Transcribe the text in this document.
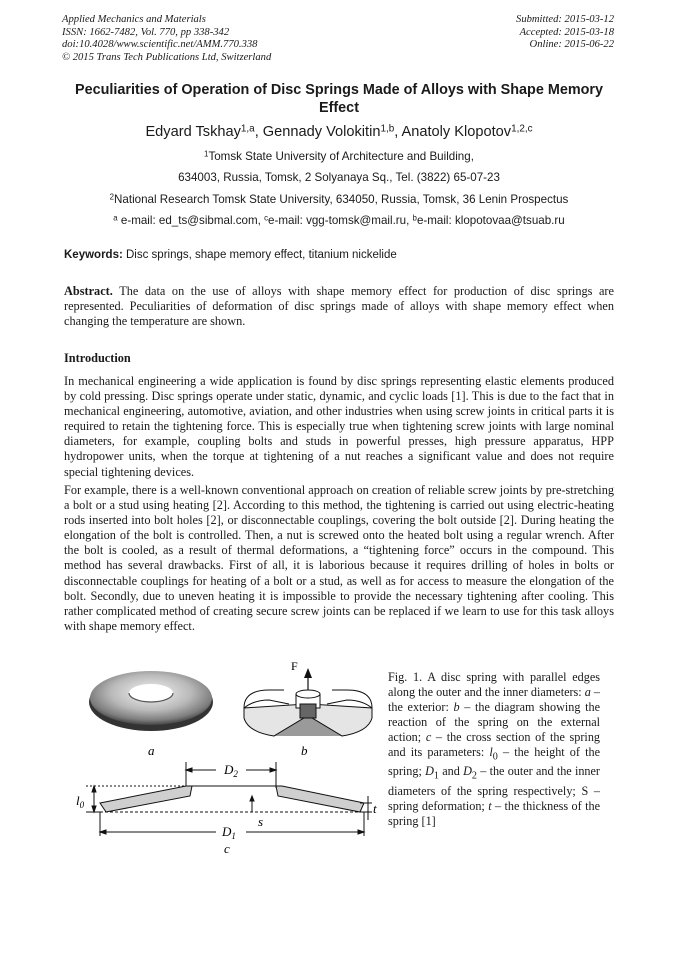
Applied Mechanics and Materials
ISSN: 1662-7482, Vol. 770, pp 338-342
doi:10.4028/www.scientific.net/AMM.770.338
© 2015 Trans Tech Publications Ltd, Switzerland
Submitted: 2015-03-12
Accepted: 2015-03-18
Online: 2015-06-22
Peculiarities of Operation of Disc Springs Made of Alloys with Shape Memory Effect
Edyard Tskhay$^{1,a}$, Gennady Volokitin$^{1,b}$, Anatoly Klopotov$^{1,2,c}$
$^1$Tomsk State University of Architecture and Building,
634003, Russia, Tomsk, 2 Solyanaya Sq., Tel. (3822) 65-07-23
$^2$National Research Tomsk State University, 634050, Russia, Tomsk, 36 Lenin Prospectus
$^a$ e-mail: ed_ts@sibmal.com, $^c$e-mail: vgg-tomsk@mail.ru, $^b$e-mail: klopotovaa@tsuab.ru
Keywords: Disc springs, shape memory effect, titanium nickelide
Abstract. The data on the use of alloys with shape memory effect for production of disc springs are represented. Peculiarities of deformation of disc springs made of alloys with shape memory effect when changing the temperature are shown.
Introduction
In mechanical engineering a wide application is found by disc springs representing elastic elements produced by cold pressing. Disc springs operate under static, dynamic, and cyclic loads [1]. This is due to the fact that in mechanical engineering, automotive, aviation, and other industries when using screw joints in critical parts it is required to retain the tightening force. This is especially true when tightening screw joints with large nominal diameters, for example, coupling bolts and studs in powerful presses, high pressure apparatus, HPP hydropower units, when the torque at tightening of a nut reaches a significant value and does not require special tightening devices.
For example, there is a well-known conventional approach on creation of reliable screw joints by pre-stretching a bolt or a stud using heating [2]. According to this method, the tightening is carried out using electric-heating rods inserted into bolt holes [2], or disconnectable couplings, covering the bolt outside [2]. During heating the elongation of the bolt is controlled. Then, a nut is screwed onto the heated bolt using a regular wrench. After the bolt is cooled, as a result of thermal deformations, a “tightening force” occurs in the compound. This method has several drawbacks. First of all, it is laborious because it requires drilling of holes in bolts or disconnectable couplings for heating of a bolt or a stud, as well as for access to measure the elongation of the bolt. Secondly, due to uneven heating it is impossible to provide the necessary tightening after cooling. This rather complicated method of creating secure screw joints can be replaced if we learn to use for this task alloys with shape memory effect.
a
F
b
$D_2$
$l_0$
s
t
$D_1$
c
Fig. 1. A disc spring with parallel edges along the outer and the inner diameters: a – the exterior: b – the diagram showing the reaction of the spring on the external action; c – the cross section of the spring and its parameters: $l_0$ – the height of the spring; $D_1$ and $D_2$ – the outer and the inner diameters of the spring respectively; S – spring deformation; t – the thickness of the spring [1]
